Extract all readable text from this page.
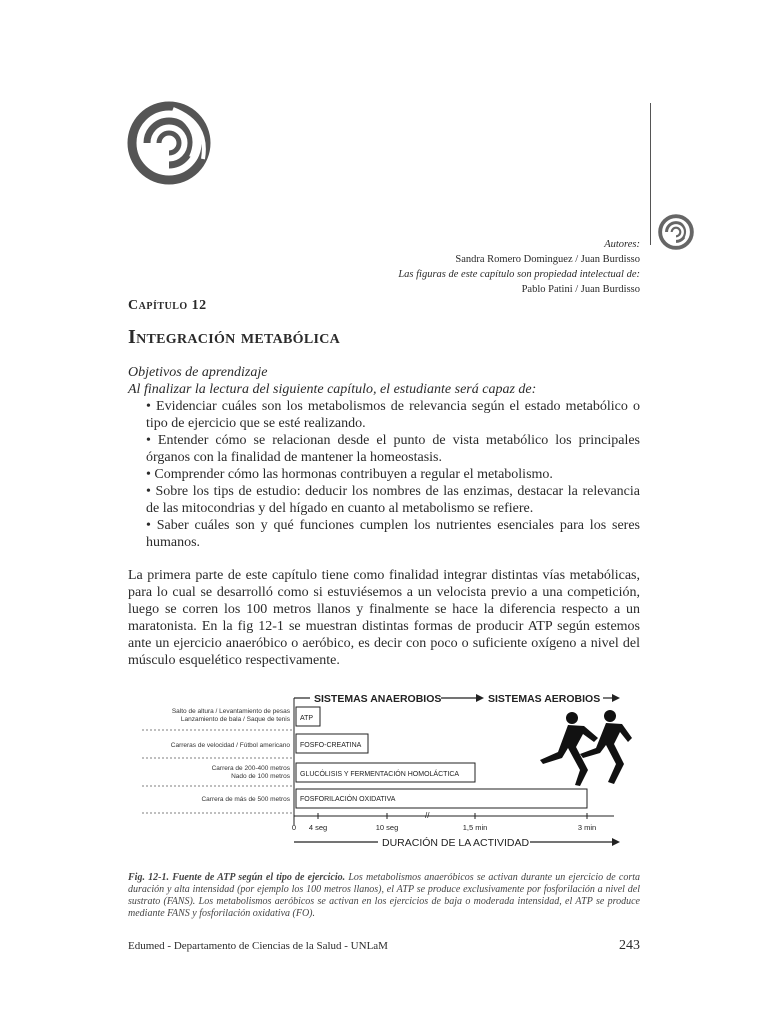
Autores:
Sandra Romero Dominguez / Juan Burdisso
Las figuras de este capítulo son propiedad intelectual de:
Pablo Patini / Juan Burdisso
Capítulo 12
Integración metabólica
Objetivos de aprendizaje
Al finalizar la lectura del siguiente capítulo, el estudiante será capaz de:
• Evidenciar cuáles son los metabolismos de relevancia según el estado metabólico o tipo de ejercicio que se esté realizando.
• Entender cómo se relacionan desde el punto de vista metabólico los principales órganos con la finalidad de mantener la homeostasis.
• Comprender cómo las hormonas contribuyen a regular el metabolismo.
• Sobre los tips de estudio: deducir los nombres de las enzimas, destacar la relevancia de las mitocondrias y del hígado en cuanto al metabolismo se refiere.
• Saber cuáles son y qué funciones cumplen los nutrientes esenciales para los seres humanos.

La primera parte de este capítulo tiene como finalidad integrar distintas vías metabólicas, para lo cual se desarrolló como si estuviésemos a un velocista previo a una competición, luego se corren los 100 metros llanos y finalmente se hace la diferencia respecto a un maratonista. En la fig 12-1 se muestran distintas formas de producir ATP según estemos ante un ejercicio anaeróbico o aeróbico, es decir con poco o suficiente oxígeno a nivel del músculo esquelético respectivamente.

SISTEMAS ANAEROBIOS	SISTEMAS AEROBIOS
Salto de altura / Levantamiento de pesas
Lanzamiento de bala / Saque de tenis ATP
Carreras de velocidad / Fútbol americano FOSFO-CREATINA
Carrera de 200-400 metros
Nado de 100 metros GLUCÓLISIS Y FERMENTACIÓN HOMOLÁCTICA
Carrera de más de 500 metros FOSFORILACIÓN OXIDATIVA
//
0 4 seg	10 seg	1,5 min	3 min
DURACIÓN DE LA ACTIVIDAD

Fig. 12-1. Fuente de ATP según el tipo de ejercicio. Los metabolismos anaeróbicos se activan durante un ejercicio de corta duración y alta intensidad (por ejemplo los 100 metros llanos), el ATP se produce exclusivamente por fosforilación a nivel del sustrato (FANS). Los metabolismos aeróbicos se activan en los ejercicios de baja o moderada intensidad, el ATP se produce mediante FANS y fosforilación oxidativa (FO).

Edumed - Departamento de Ciencias de la Salud - UNLaM	243
